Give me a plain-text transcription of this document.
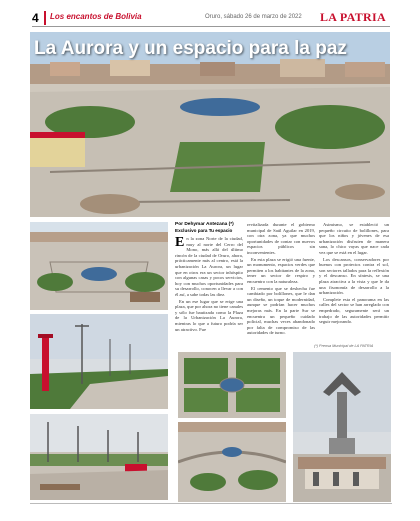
4	Los encantos de Bolivia	Oruro, sábado 26 de marzo de 2022 LA PATRIA
La Aurora y un espacio para la paz
Por Dehymar Antezana (*)
Exclusivo para Tu espacio

En la zona Norte de la ciudad, muy al norte del Cerro del Mono, más allá del último rincón de la ciudad de Oruro, ahora, prácticamente más al centro, está la urbanización La Aurora, un lugar que en otros era un sector inhóspito con algunas casas y pocos servicios, hoy con muchos oportunidades para su desarrollo, conocen a llevar a con él así, a sabe todas las diez.

En un ese lugar que se erige una plaza, que por ahora no tiene canales y sólo fue bautizada como la Plaza de la Urbanización La Aurora, mientras lo que a futuro podría ser un atractivo. Fue

revitalizada durante el gobierno municipal de Saúl Aguilar en 2019, con otra zona, ya que muchos oportunidades de contar con nuevos espacios públicos sin inconvenientes.

En esta plaza se erigió una fuente, un monumento, espacios verdes que permiten a los habitantes de la zona, tener un sector de respiro y encuentro con la naturaleza.

El cemento que se deshecha fue cambiado por bolillones, que le dan un diseño, un toque de modernidad, aunque se podrían hacer muchos mejoras más. En la parte Sur se encuentra un pequeño cuidado policial, muchas veces abandonado por falta de compromiso de las autoridades de turno.

Asimismo, se estableció un pequeño circuito de bolillones, para que los niños y jóvenes de esa urbanización disfruten de manera sana, lo chico vayas que nace cada vez que se está en el lugar.

Los descansos, conservadores por buenos con protectos contra el sol, son sectores tallados para la reflexión y el descanso. En síntesis, se una plaza atractiva a la vista y que le da una fisonomía de desarrollo a la urbanización.

Complete esta el panorama en las calles del sector se han arreglado con empedrado, seguramente será un trabajo de las autoridades permitir seguir mejorando.

(*) Prensa Municipal de LA PATRIA
